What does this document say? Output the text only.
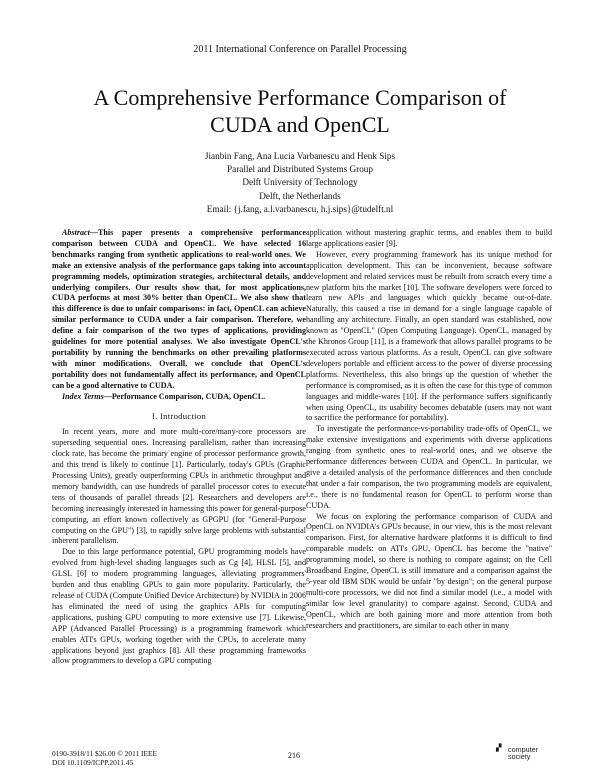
2011 International Conference on Parallel Processing
A Comprehensive Performance Comparison of
CUDA and OpenCL
Jianbin Fang, Ana Lucia Varbanescu and Henk Sips
Parallel and Distributed Systems Group
Delft University of Technology
Delft, the Netherlands
Email: {j.fang, a.l.varbanescu, h.j.sips}@tudelft.nl

Abstract—This paper presents a comprehensive performance comparison between CUDA and OpenCL. We have selected 16 benchmarks ranging from synthetic applications to real-world ones. We make an extensive analysis of the performance gaps taking into account programming models, optimization strategies, architectural details, and underlying compilers. Our results show that, for most applications, CUDA performs at most 30% better than OpenCL. We also show that this difference is due to unfair comparisons: in fact, OpenCL can achieve similar performance to CUDA under a fair comparison. Therefore, we define a fair comparison of the two types of applications, providing guidelines for more potential analyses. We also investigate OpenCL's portability by running the benchmarks on other prevailing platforms with minor modifications. Overall, we conclude that OpenCL's portability does not fundamentally affect its performance, and OpenCL can be a good alternative to CUDA.

Index Terms—Performance Comparison, CUDA, OpenCL.

I. Introduction

In recent years, more and more multi-core/many-core processors are superseding sequential ones. Increasing parallelism, rather than increasing clock rate, has become the primary engine of processor performance growth, and this trend is likely to continue [1]. Particularly, today's GPUs (Graphic Processing Units), greatly outperforming CPUs in arithmetic throughput and memory bandwidth, can use hundreds of parallel processor cores to execute tens of thousands of parallel threads [2]. Researchers and developers are becoming increasingly interested in harnessing this power for general-purpose computing, an effort known collectively as GPGPU (for "General-Purpose computing on the GPU") [3], to rapidly solve large problems with substantial inherent parallelism.

Due to this large performance potential, GPU programming models have evolved from high-level shading languages such as Cg [4], HLSL [5], and GLSL [6] to modern programming languages, alleviating programmers' burden and thus enabling GPUs to gain more popularity. Particularly, the release of CUDA (Compute Unified Device Architecture) by NVIDIA in 2006 has eliminated the need of using the graphics APIs for computing applications, pushing GPU computing to more extensive use [7]. Likewise, APP (Advanced Parallel Processing) is a programming framework which enables ATI's GPUs, working together with the CPUs, to accelerate many applications beyond just graphics [8]. All these programming frameworks allow programmers to develop a GPU computing

application without mastering graphic terms, and enables them to build large applications easier [9].

However, every programming framework has its unique method for application development. This can be inconvenient, because software development and related services must be rebuilt from scratch every time a new platform hits the market [10]. The software developers were forced to learn new APIs and languages which quickly became out-of-date. Naturally, this caused a rise in demand for a single language capable of handling any architecture. Finally, an open standard was established, now known as "OpenCL" (Open Computing Language). OpenCL, managed by the Khronos Group [11], is a framework that allows parallel programs to be executed across various platforms. As a result, OpenCL can give software developers portable and efficient access to the power of diverse processing platforms. Nevertheless, this also brings up the question of whether the performance is compromised, as it is often the case for this type of common languages and middle-wares [10]. If the performance suffers significantly when using OpenCL, its usability becomes debatable (users may not want to sacrifice the performance for portability).

To investigate the performance-vs-portability trade-offs of OpenCL, we make extensive investigations and experiments with diverse applications ranging from synthetic ones to real-world ones, and we observe the performance differences between CUDA and OpenCL. In particular, we give a detailed analysis of the performance differences and then conclude that under a fair comparison, the two programming models are equivalent, i.e., there is no fundamental reason for OpenCL to perform worse than CUDA.

We focus on exploring the performance comparison of CUDA and OpenCL on NVIDIA's GPUs because, in our view, this is the most relevant comparison. First, for alternative hardware platforms it is difficult to find comparable models: on ATI's GPU, OpenCL has become the "native" programming model, so there is nothing to compare against; on the Cell Broadband Engine, OpenCL is still immature and a comparison against the 5-year old IBM SDK would be unfair "by design"; on the general purpose multi-core processors, we did not find a similar model (i.e., a model with similar low level granularity) to compare against. Second, CUDA and OpenCL, which are both gaining more and more attention from both researchers and practitioners, are similar to each other in many

0190-3918/11 $26.00 © 2011 IEEE
DOI 10.1109/ICPP.2011.45
216
▞ computer society
